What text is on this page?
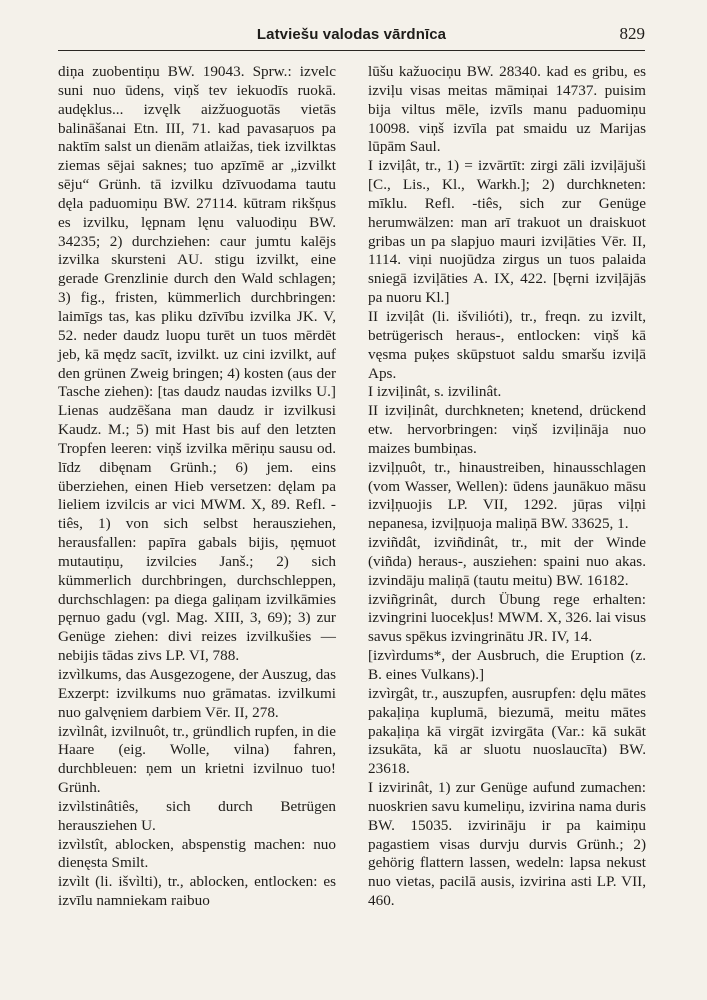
Latviešu valodas vārdnīca	829

diņa zuobentiņu BW. 19043. Sprw.: izvelc suni nuo ūdens, viņš tev iekuodīs ruokā. audęklus... izvęlk aizžuoguotās vietās balināšanai Etn. III, 71. kad pavasaŗuos pa naktīm salst un dienām atlaižas, tiek izvilktas ziemas sējai saknes; tuo apzīmē ar „izvilkt sēju“ Grünh. tā izvilku dzīvuodama tautu dęla paduomiņu BW. 27114. kūtram rikšņus es izvilku, lępnam lęnu valuodiņu BW. 34235; 2) durchziehen: caur jumtu kalējs izvilka skursteni AU. stigu izvilkt, eine gerade Grenzlinie durch den Wald schlagen; 3) fig., fristen, kümmerlich durchbringen: laimīgs tas, kas pliku dzīvību izvilka JK. V, 52. neder daudz luopu turēt un tuos mērdēt jeb, kā mędz sacīt, izvilkt. uz cini izvilkt, auf den grünen Zweig bringen; 4) kosten (aus der Tasche ziehen): [tas daudz naudas izvilks U.] Lienas audzēšana man daudz ir izvilkusi Kaudz. M.; 5) mit Hast bis auf den letzten Tropfen leeren: viņš izvilka mēriņu sausu od. līdz dibęnam Grünh.; 6) jem. eins überziehen, einen Hieb versetzen: dęlam pa lieliem izvilcis ar vici MWM. X, 89. Refl. -tiês, 1) von sich selbst herausziehen, herausfallen: papīra gabals bijis, ņęmuot mutautiņu, izvilcies Janš.; 2) sich kümmerlich durchbringen, durchschleppen, durchschlagen: pa diega galiņam izvilkāmies pęrnuo gadu (vgl. Mag. XIII, 3, 69); 3) zur Genüge ziehen: divi reizes izvilkušies — nebijis tādas zivs LP. VI, 788.

izvìlkums, das Ausgezogene, der Auszug, das Exzerpt: izvilkums nuo grāmatas. izvilkumi nuo galvęniem darbiem Vēr. II, 278.

izvìlnât, izvilnuôt, tr., gründlich rupfen, in die Haare (eig. Wolle, vilna) fahren, durchbleuen: ņem un krietni izvilnuo tuo! Grünh.

izvìlstinâtiês, sich durch Betrügen herausziehen U.

izvìlstît, ablocken, abspenstig machen: nuo dienęsta Smilt.

izvìlt (li. išvìlti), tr., ablocken, entlocken: es izvīlu namniekam raibuo

lūšu kažuociņu BW. 28340. kad es gribu, es izviļu visas meitas māmiņai 14737. puisim bija viltus mēle, izvīls manu paduomiņu 10098. viņš izvīla pat smaidu uz Marijas lūpām Saul.

I izviļât, tr., 1) = izvārtīt: zirgi zāli izviļājuši [C., Lis., Kl., Warkh.]; 2) durchkneten: mīklu. Refl. -tiês, sich zur Genüge herumwälzen: man arī trakuot un draiskuot gribas un pa slapjuo mauri izviļāties Vēr. II, 1114. viņi nuojūdza zirgus un tuos palaida sniegā izviļāties A. IX, 422. [bęrni izviļājās pa nuoru Kl.]

II izviļât (li. išvilióti), tr., freqn. zu izvilt, betrügerisch heraus-, entlocken: viņš kā vęsma puķes skūpstuot saldu smaršu izviļā Aps.

I izviļinât, s. izvilinât.

II izviļinât, durchkneten; knetend, drückend etw. hervorbringen: viņš izviļināja nuo maizes bumbiņas.

izviļņuôt, tr., hinaustreiben, hinausschlagen (vom Wasser, Wellen): ūdens jaunākuo māsu izviļņuojis LP. VII, 1292. jūŗas viļņi nepanesa, izviļņuoja maliņā BW. 33625, 1.

izviñdât, izviñdinât, tr., mit der Winde (viñda) heraus-, ausziehen: spaini nuo akas. izvindāju maliņā (tautu meitu) BW. 16182.

izviñgrinât, durch Übung rege erhalten: izvingrini luocekļus! MWM. X, 326. lai visus savus spēkus izvingrinātu JR. IV, 14.

[izvìrdums*, der Ausbruch, die Eruption (z. B. eines Vulkans).]

izvìrgât, tr., auszupfen, ausrupfen: dęlu mātes pakaļiņa kuplumā, biezumā, meitu mātes pakaļiņa kā virgāt izvirgāta (Var.: kā sukāt izsukāta, kā ar sluotu nuoslaucīta) BW. 23618.

I izvirinât, 1) zur Genüge aufund zumachen: nuoskrien savu kumeliņu, izvirina nama duris BW. 15035. izvirināju ir pa kaimiņu pagastiem visas durvju durvis Grünh.; 2) gehörig flattern lassen, wedeln: lapsa nekust nuo vietas, pacilā ausis, izvirina asti LP. VII, 460.
